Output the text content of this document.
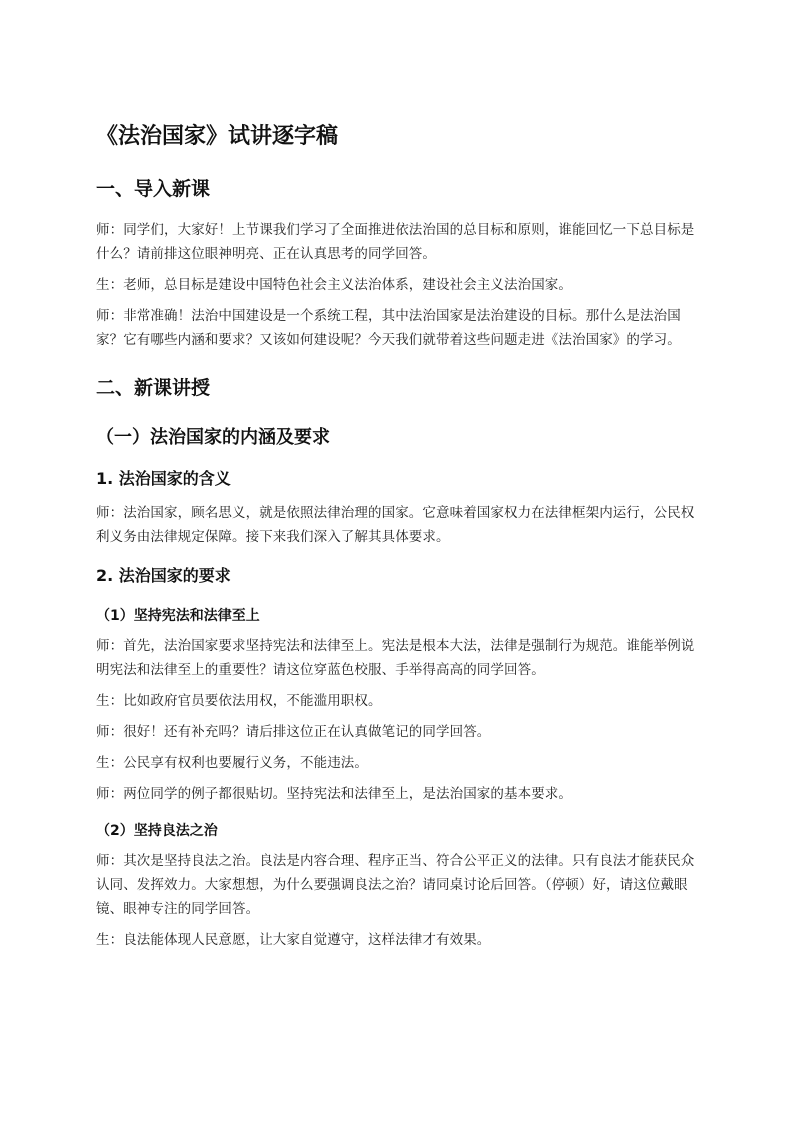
《法治国家》试讲逐字稿
一、导入新课
师：同学们，大家好！上节课我们学习了全面推进依法治国的总目标和原则，谁能回忆一下总目标是什么？请前排这位眼神明亮、正在认真思考的同学回答。
生：老师，总目标是建设中国特色社会主义法治体系，建设社会主义法治国家。
师：非常准确！法治中国建设是一个系统工程，其中法治国家是法治建设的目标。那什么是法治国家？它有哪些内涵和要求？又该如何建设呢？今天我们就带着这些问题走进《法治国家》的学习。
二、新课讲授
（一）法治国家的内涵及要求
1. 法治国家的含义
师：法治国家，顾名思义，就是依照法律治理的国家。它意味着国家权力在法律框架内运行，公民权利义务由法律规定保障。接下来我们深入了解其具体要求。
2. 法治国家的要求
（1）坚持宪法和法律至上
师：首先，法治国家要求坚持宪法和法律至上。宪法是根本大法，法律是强制行为规范。谁能举例说明宪法和法律至上的重要性？请这位穿蓝色校服、手举得高高的同学回答。
生：比如政府官员要依法用权，不能滥用职权。
师：很好！还有补充吗？请后排这位正在认真做笔记的同学回答。
生：公民享有权利也要履行义务，不能违法。
师：两位同学的例子都很贴切。坚持宪法和法律至上，是法治国家的基本要求。
（2）坚持良法之治
师：其次是坚持良法之治。良法是内容合理、程序正当、符合公平正义的法律。只有良法才能获民众认同、发挥效力。大家想想，为什么要强调良法之治？请同桌讨论后回答。（停顿）好，请这位戴眼镜、眼神专注的同学回答。
生：良法能体现人民意愿，让大家自觉遵守，这样法律才有效果。
